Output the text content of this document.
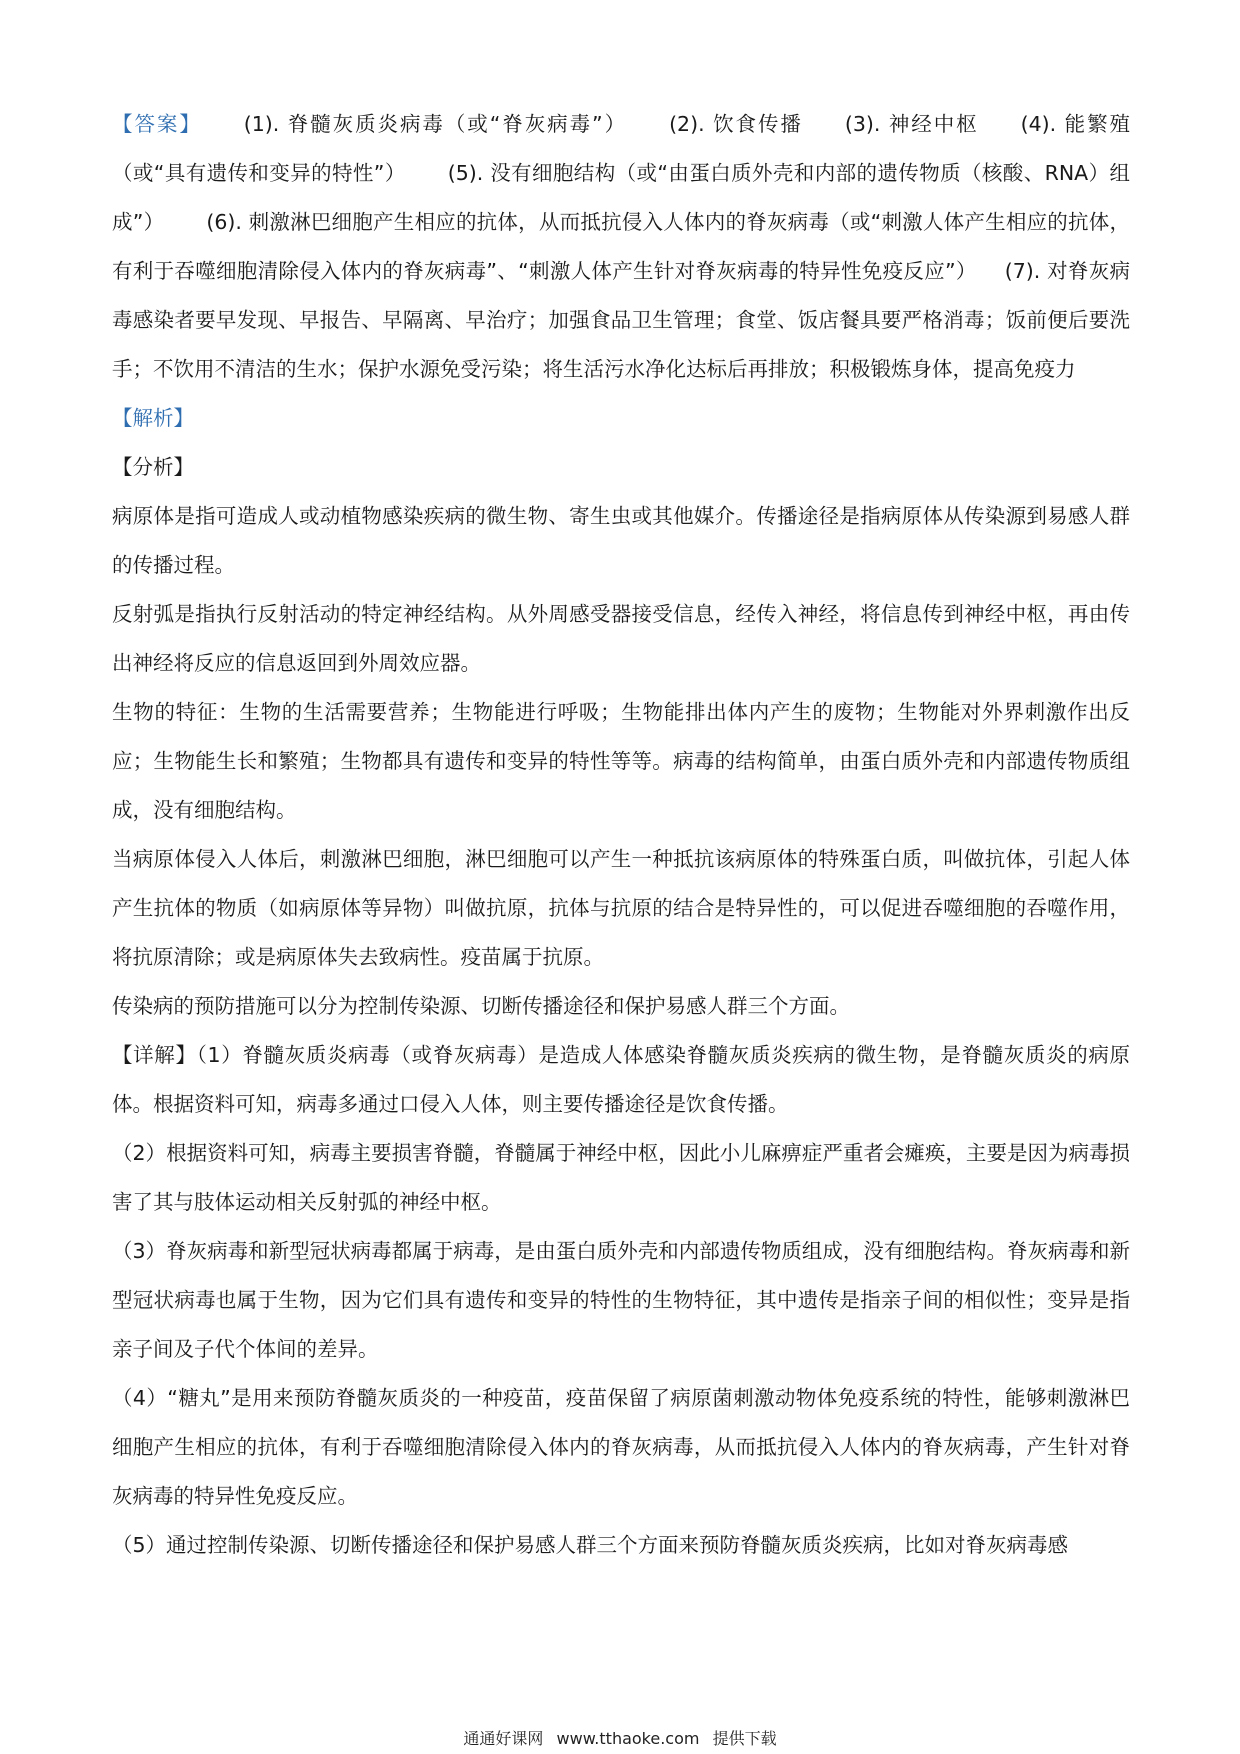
【答案】 (1). 脊髓灰质炎病毒（或“脊灰病毒”） (2). 饮食传播 (3). 神经中枢 (4). 能繁殖（或“具有遗传和变异的特性”） (5). 没有细胞结构（或“由蛋白质外壳和内部的遗传物质（核酸、RNA）组成”） (6). 刺激淋巴细胞产生相应的抗体，从而抵抗侵入人体内的脊灰病毒（或“刺激人体产生相应的抗体，有利于吞噬细胞清除侵入体内的脊灰病毒”、“刺激人体产生针对脊灰病毒的特异性免疫反应”） (7). 对脊灰病毒感染者要早发现、早报告、早隔离、早治疗；加强食品卫生管理；食堂、饭店餐具要严格消毒；饭前便后要洗手；不饮用不清洁的生水；保护水源免受污染；将生活污水净化达标后再排放；积极锻炼身体，提高免疫力

【解析】

【分析】

病原体是指可造成人或动植物感染疾病的微生物、寄生虫或其他媒介。传播途径是指病原体从传染源到易感人群的传播过程。

反射弧是指执行反射活动的特定神经结构。从外周感受器接受信息，经传入神经，将信息传到神经中枢，再由传出神经将反应的信息返回到外周效应器。

生物的特征：生物的生活需要营养；生物能进行呼吸；生物能排出体内产生的废物；生物能对外界刺激作出反应；生物能生长和繁殖；生物都具有遗传和变异的特性等等。病毒的结构简单，由蛋白质外壳和内部遗传物质组成，没有细胞结构。

当病原体侵入人体后，刺激淋巴细胞，淋巴细胞可以产生一种抵抗该病原体的特殊蛋白质，叫做抗体，引起人体产生抗体的物质（如病原体等异物）叫做抗原，抗体与抗原的结合是特异性的，可以促进吞噬细胞的吞噬作用，将抗原清除；或是病原体失去致病性。疫苗属于抗原。

传染病的预防措施可以分为控制传染源、切断传播途径和保护易感人群三个方面。

【详解】（1）脊髓灰质炎病毒（或脊灰病毒）是造成人体感染脊髓灰质炎疾病的微生物，是脊髓灰质炎的病原体。根据资料可知，病毒多通过口侵入人体，则主要传播途径是饮食传播。

（2）根据资料可知，病毒主要损害脊髓，脊髓属于神经中枢，因此小儿麻痹症严重者会瘫痪，主要是因为病毒损害了其与肢体运动相关反射弧的神经中枢。

（3）脊灰病毒和新型冠状病毒都属于病毒，是由蛋白质外壳和内部遗传物质组成，没有细胞结构。脊灰病毒和新型冠状病毒也属于生物，因为它们具有遗传和变异的特性的生物特征，其中遗传是指亲子间的相似性；变异是指亲子间及子代个体间的差异。

（4）“糖丸”是用来预防脊髓灰质炎的一种疫苗，疫苗保留了病原菌刺激动物体免疫系统的特性，能够刺激淋巴细胞产生相应的抗体，有利于吞噬细胞清除侵入体内的脊灰病毒，从而抵抗侵入人体内的脊灰病毒，产生针对脊灰病毒的特异性免疫反应。

（5）通过控制传染源、切断传播途径和保护易感人群三个方面来预防脊髓灰质炎疾病，比如对脊灰病毒感

通通好课网 www.tthaoke.com 提供下载
